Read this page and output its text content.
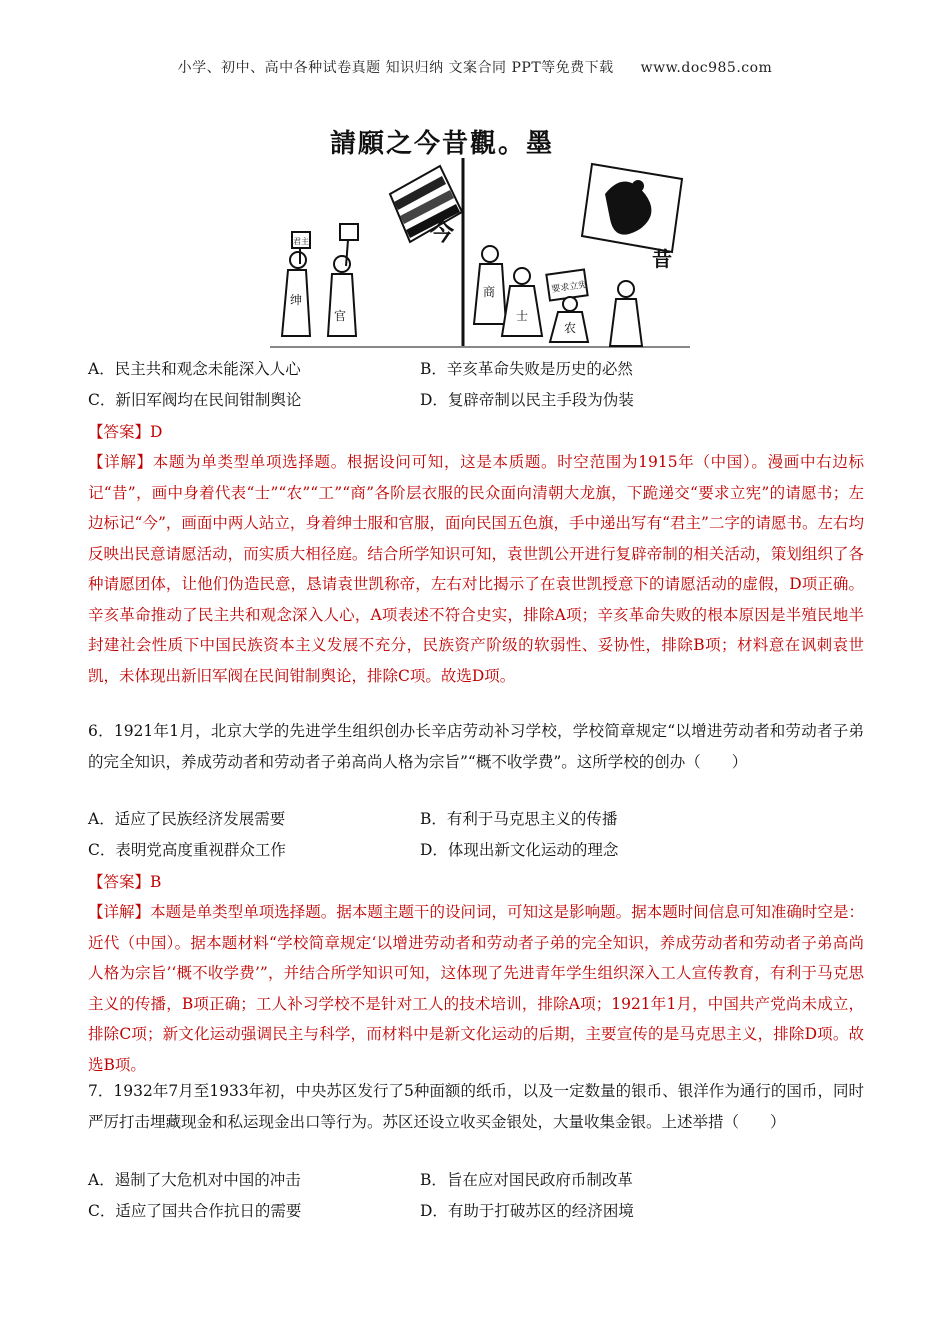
小学、初中、高中各种试卷真题 知识归纳 文案合同 PPT等免费下载 www.doc985.com
請願之今昔觀。墨
今
昔
绅
官
要求立宪
商
士
农
君主
A．民主共和观念未能深入人心	B．辛亥革命失败是历史的必然
C．新旧军阀均在民间钳制舆论	D．复辟帝制以民主手段为伪装
【答案】D
【详解】本题为单类型单项选择题。根据设问可知，这是本质题。时空范围为1915年（中国）。漫画中右边标记“昔”，画中身着代表“士”“农”“工”“商”各阶层衣服的民众面向清朝大龙旗，下跪递交“要求立宪”的请愿书；左边标记“今”，画面中两人站立，身着绅士服和官服，面向民国五色旗，手中递出写有“君主”二字的请愿书。左右均反映出民意请愿活动，而实质大相径庭。结合所学知识可知，袁世凯公开进行复辟帝制的相关活动，策划组织了各种请愿团体，让他们伪造民意，恳请袁世凯称帝，左右对比揭示了在袁世凯授意下的请愿活动的虚假，D项正确。辛亥革命推动了民主共和观念深入人心，A项表述不符合史实，排除A项；辛亥革命失败的根本原因是半殖民地半封建社会性质下中国民族资本主义发展不充分，民族资产阶级的软弱性、妥协性，排除B项；材料意在讽刺袁世凯，未体现出新旧军阀在民间钳制舆论，排除C项。故选D项。
6．1921年1月，北京大学的先进学生组织创办长辛店劳动补习学校，学校简章规定“以增进劳动者和劳动者子弟的完全知识，养成劳动者和劳动者子弟高尚人格为宗旨”“概不收学费”。这所学校的创办（　　）
A．适应了民族经济发展需要	B．有利于马克思主义的传播
C．表明党高度重视群众工作	D．体现出新文化运动的理念
【答案】B
【详解】本题是单类型单项选择题。据本题主题干的设问词，可知这是影响题。据本题时间信息可知准确时空是：近代（中国）。据本题材料“学校简章规定‘以增进劳动者和劳动者子弟的完全知识，养成劳动者和劳动者子弟高尚人格为宗旨’‘概不收学费’”，并结合所学知识可知，这体现了先进青年学生组织深入工人宣传教育，有利于马克思主义的传播，B项正确；工人补习学校不是针对工人的技术培训，排除A项；1921年1月，中国共产党尚未成立，排除C项；新文化运动强调民主与科学，而材料中是新文化运动的后期，主要宣传的是马克思主义，排除D项。故选B项。
7．1932年7月至1933年初，中央苏区发行了5种面额的纸币，以及一定数量的银币、银洋作为通行的国币，同时严厉打击埋藏现金和私运现金出口等行为。苏区还设立收买金银处，大量收集金银。上述举措（　　）
A．遏制了大危机对中国的冲击	B．旨在应对国民政府币制改革
C．适应了国共合作抗日的需要	D．有助于打破苏区的经济困境
